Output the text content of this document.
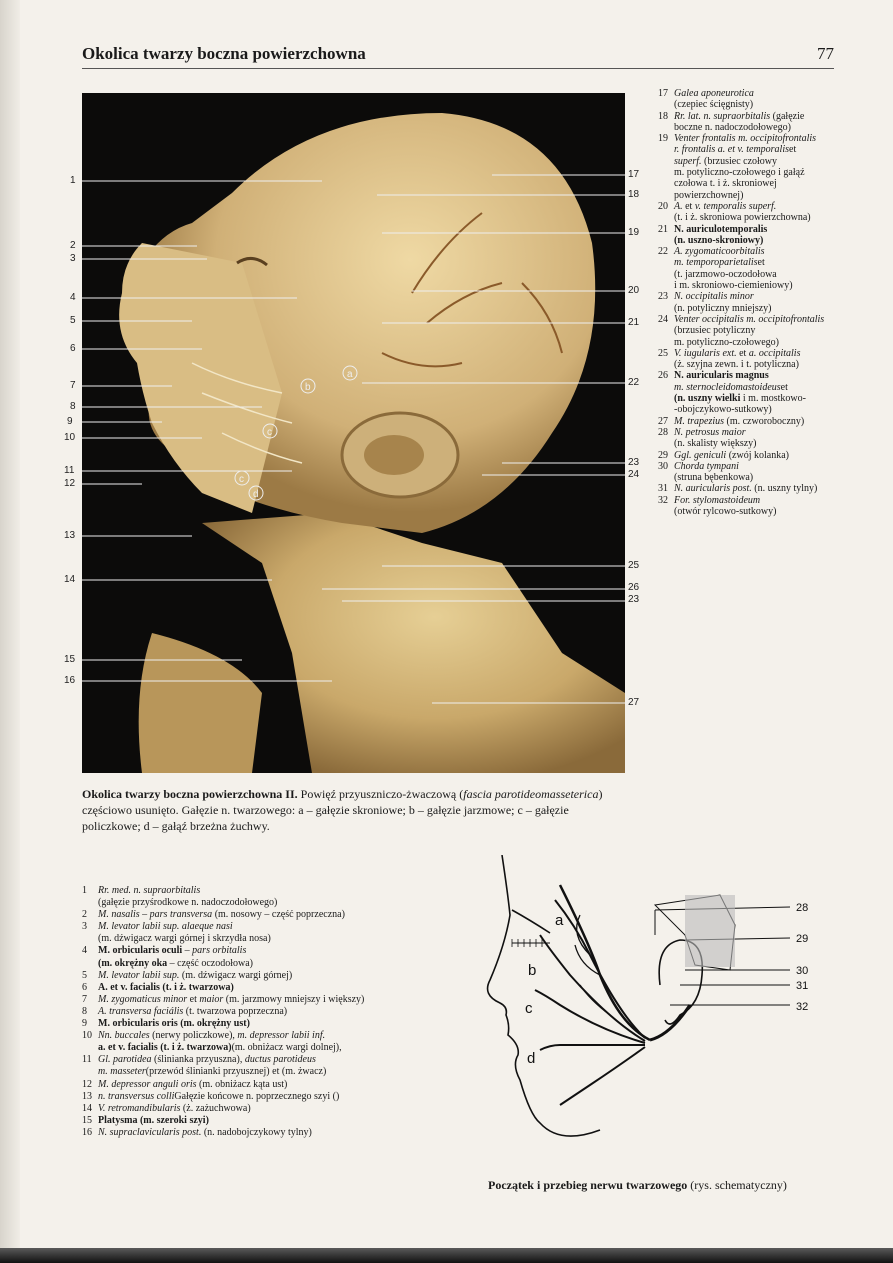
Okolica twarzy boczna powierzchowna	77
b
a
c
c
d
1
2
3
4
5
6
7
8
9
10
11
12
13
14
15
16
17
18
19
20
21
22
23
24
25
26
23
27
Okolica twarzy boczna powierzchowna II. Powięź przyuszniczo-żwaczową (fascia parotideomasseterica) częściowo usunięto. Gałęzie n. twarzowego: a – gałęzie skroniowe; b – gałęzie jarzmowe; c – gałęzie policzkowe; d – gałąź brzeżna żuchwy.
17 Galea aponeurotica
(czepiec ścięgnisty)
18 Rr. lat. n. supraorbitalis (gałęzie
boczne n. nadoczodołowego)
19 Venter frontalis m. occipitofrontalis
r. frontalis a. et v. temporaliset
superf. (brzusiec czołowy
m. potyliczno-czołowego i gałąź
czołowa t. i ż. skroniowej
powierzchownej)
20 A. et v. temporalis superf.
(t. i ż. skroniowa powierzchowna)
21 N. auriculotemporalis
(n. uszno-skroniowy)
22 A. zygomaticoorbitalis
m. temporoparietaliset
(t. jarzmowo-oczodołowa
i m. skroniowo-ciemieniowy)
23 N. occipitalis minor
(n. potyliczny mniejszy)
24 Venter occipitalis m. occipitofrontalis
(brzusiec potyliczny
m. potyliczno-czołowego)
25 V. iugularis ext. et a. occipitalis
(ż. szyjna zewn. i t. potyliczna)
26 N. auricularis magnus
m. sternocleidomastoideuset
(n. uszny wielki i m. mostkowo-
-obojczykowo-sutkowy)
27 M. trapezius (m. czworoboczny)
28 N. petrosus maior
(n. skalisty większy)
29 Ggl. geniculi (zwój kolanka)
30 Chorda tympani
(struna bębenkowa)
31 N. auricularis post. (n. uszny tylny)
32 For. stylomastoideum
(otwór rylcowo-sutkowy)
1	Rr. med. n. supraorbitalis
(gałęzie przyśrodkowe n. nadoczodołowego)
2	M. nasalis – pars transversa (m. nosowy – część poprzeczna)
3	M. levator labii sup. alaeque nasi
(m. dźwigacz wargi górnej i skrzydła nosa)
4	M. orbicularis oculi – pars orbitalis
(m. okrężny oka – część oczodołowa)
5	M. levator labii sup. (m. dźwigacz wargi górnej)
6	A. et v. facialis (t. i ż. twarzowa)
7	M. zygomaticus minor et maior (m. jarzmowy mniejszy i większy)
8	A. transversa faciális (t. twarzowa poprzeczna)
9	M. orbicularis oris (m. okrężny ust)
10 Nn. buccales (nerwy policzkowe), m. depressor labii inf.
a. et v. facialis (t. i ż. twarzowa)(m. obniżacz wargi dolnej),
11 Gl. parotidea (ślinianka przyuszna), ductus parotideus
m. masseter(przewód ślinianki przyusznej) et (m. żwacz)
12 M. depressor anguli oris (m. obniżacz kąta ust)
13 n. transversus colliGałęzie końcowe n. poprzecznego szyi ()
14 V. retromandibularis (ż. zażuchwowa)
15 Platysma (m. szeroki szyi)
16 N. supraclavicularis post. (n. nadobojczykowy tylny)
a
b
c
d
28
29
30
31
32
Początek i przebieg nerwu twarzowego (rys. schematyczny)
